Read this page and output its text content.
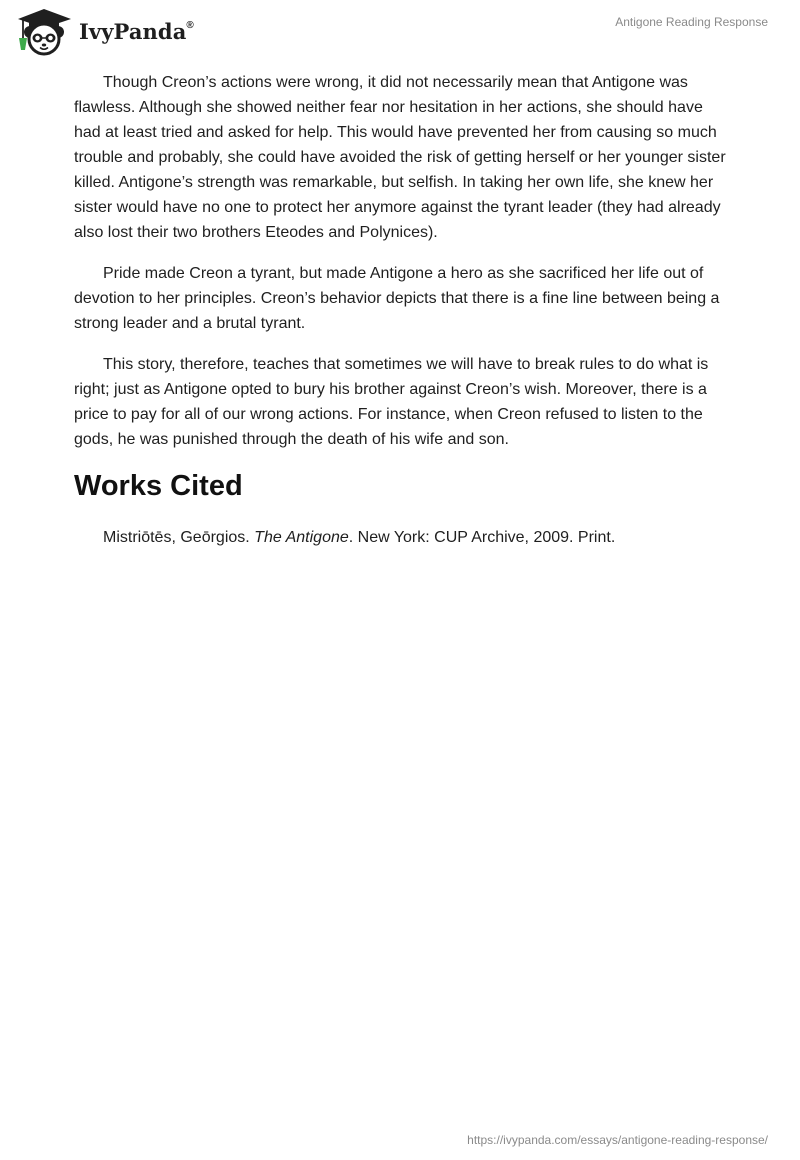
IvyPanda®	Antigone Reading Response

Though Creon’s actions were wrong, it did not necessarily mean that Antigone was flawless. Although she showed neither fear nor hesitation in her actions, she should have had at least tried and asked for help. This would have prevented her from causing so much trouble and probably, she could have avoided the risk of getting herself or her younger sister killed. Antigone’s strength was remarkable, but selfish. In taking her own life, she knew her sister would have no one to protect her anymore against the tyrant leader (they had already also lost their two brothers Eteodes and Polynices).

Pride made Creon a tyrant, but made Antigone a hero as she sacrificed her life out of devotion to her principles. Creon’s behavior depicts that there is a fine line between being a strong leader and a brutal tyrant.

This story, therefore, teaches that sometimes we will have to break rules to do what is right; just as Antigone opted to bury his brother against Creon’s wish. Moreover, there is a price to pay for all of our wrong actions. For instance, when Creon refused to listen to the gods, he was punished through the death of his wife and son.

Works Cited

Mistriōtēs, Geōrgios. The Antigone. New York: CUP Archive, 2009. Print.

https://ivypanda.com/essays/antigone-reading-response/
